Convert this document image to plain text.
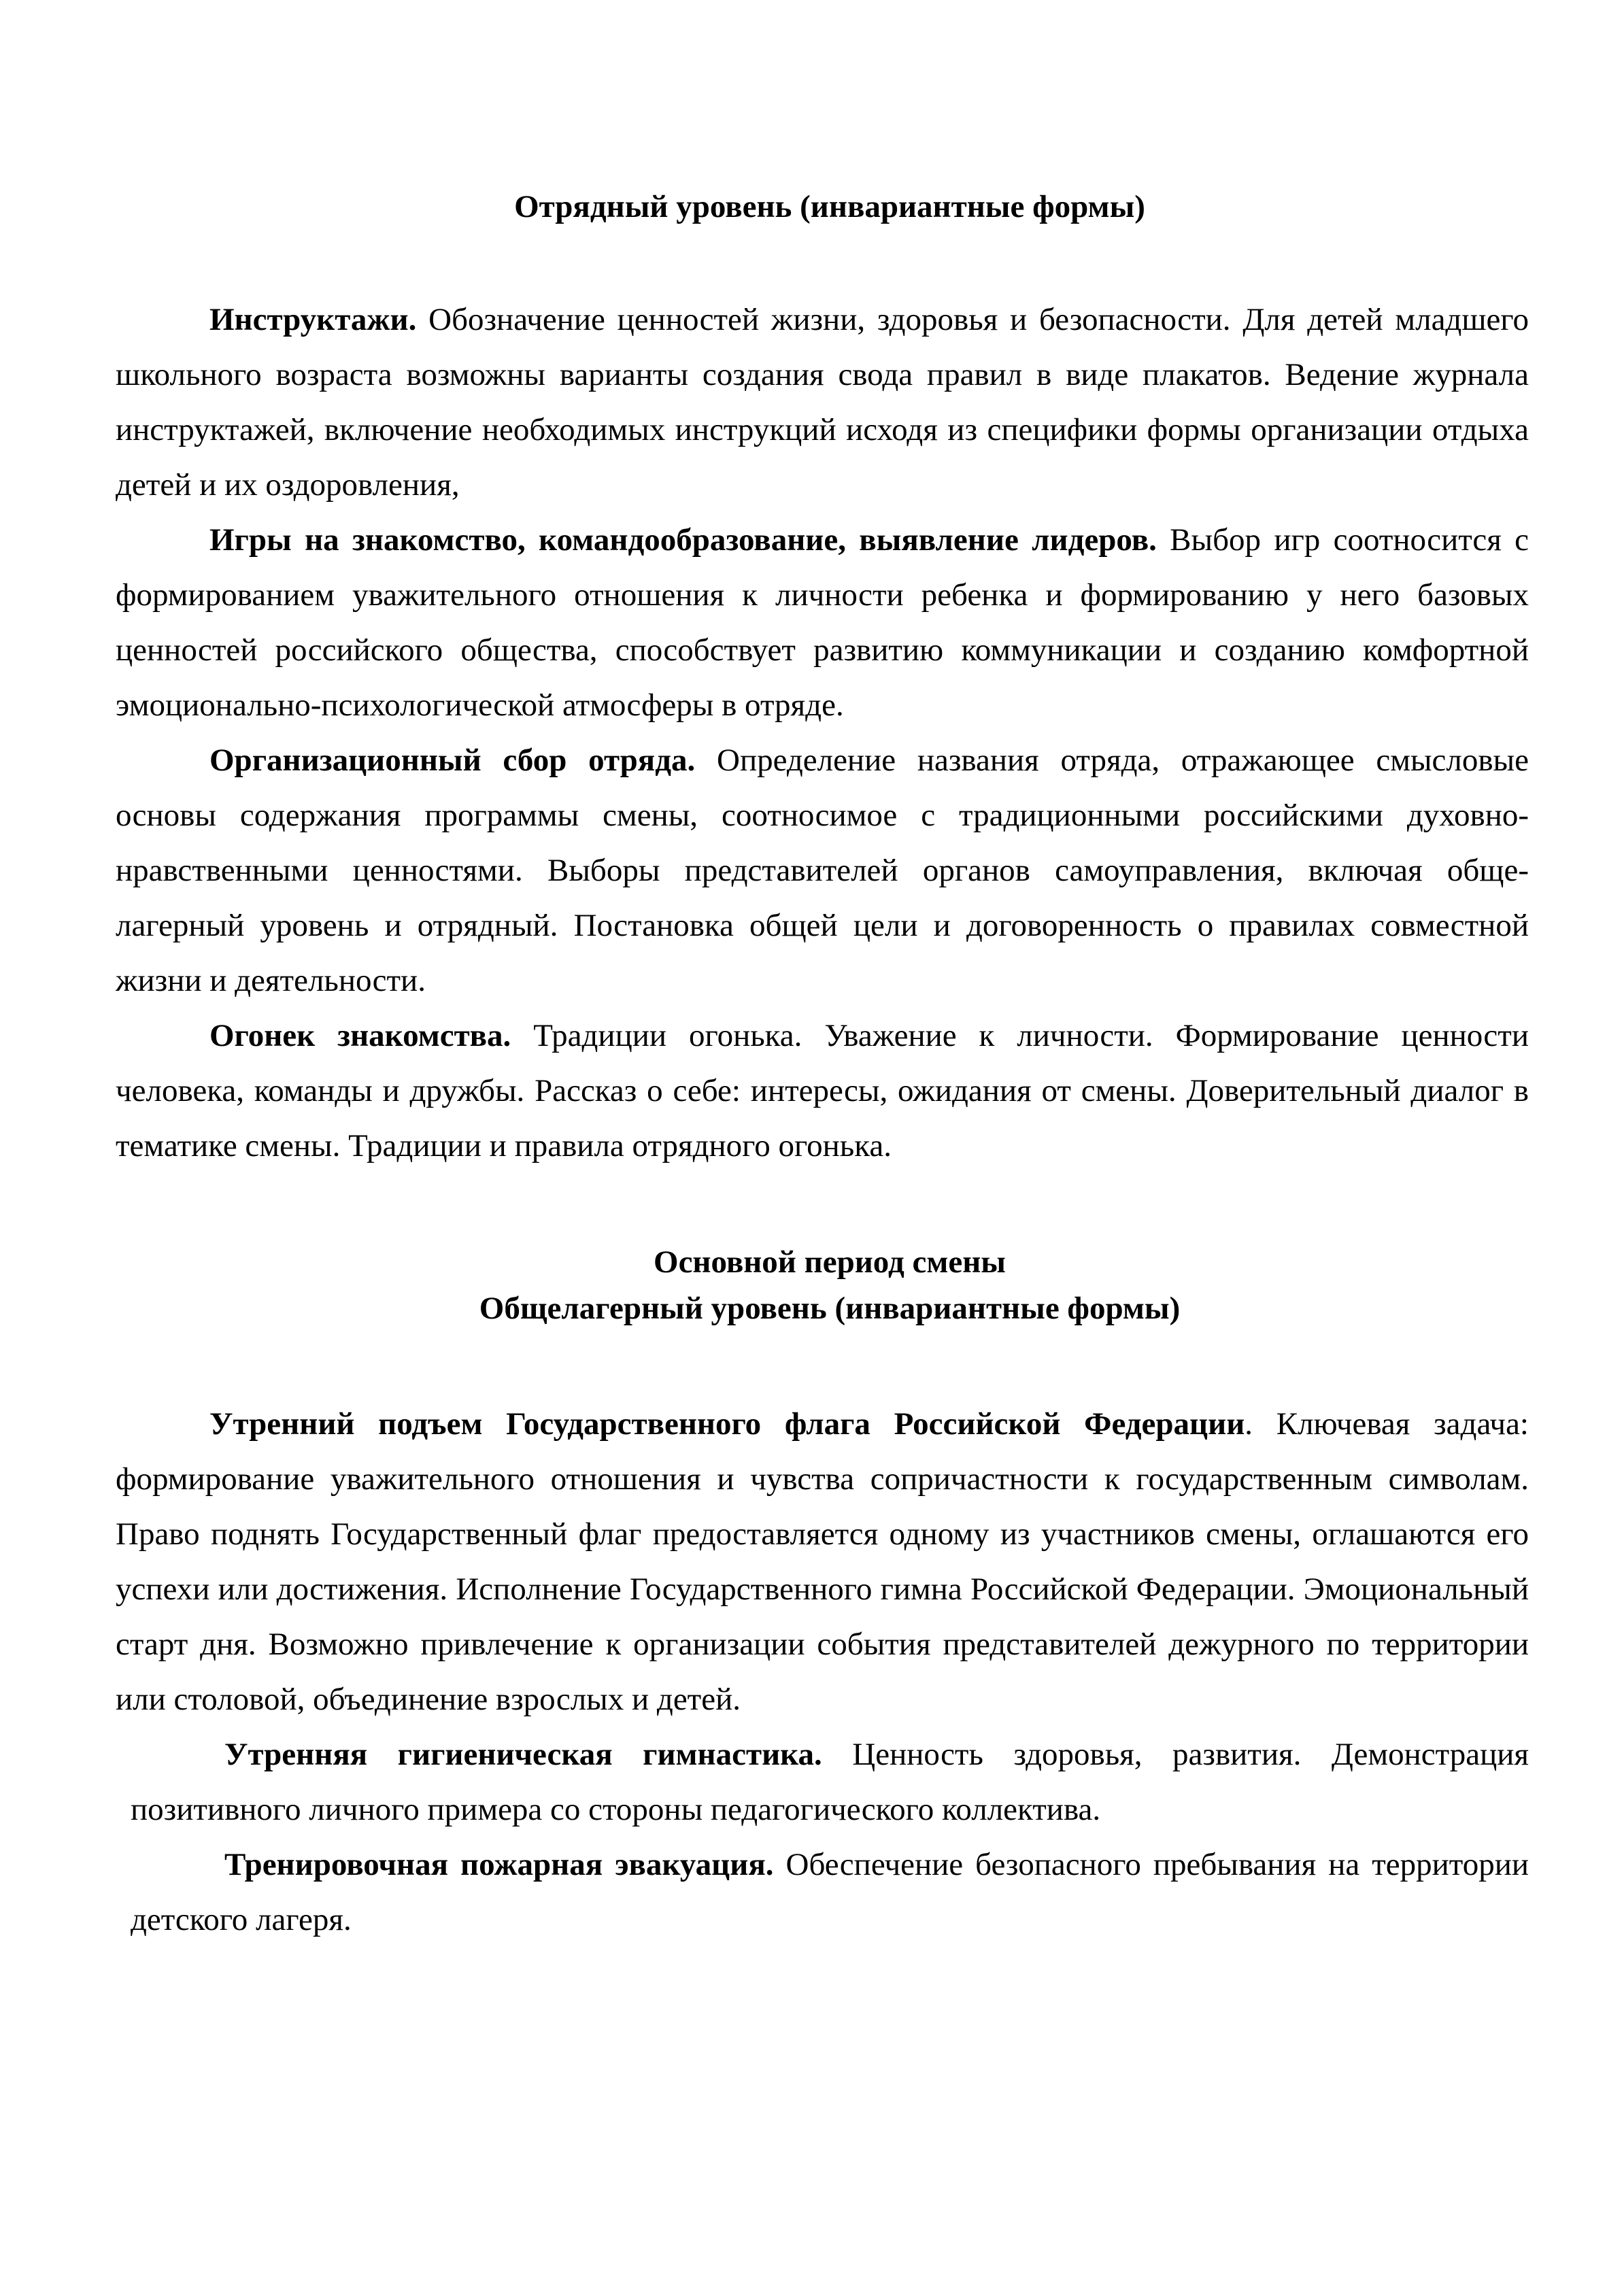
Отрядный уровень (инвариантные формы)

Инструктажи. Обозначение ценностей жизни, здоровья и безопасности. Для детей младшего школьного возраста возможны варианты создания свода правил в виде плакатов. Ведение журнала инструктажей, включение необходимых инструкций исходя из специфики формы организации отдыха детей и их оздоровления,

Игры на знакомство, командообразование, выявление лидеров. Выбор игр соотносится с формированием уважительного отношения к личности ребенка и формированию у него базовых ценностей российского общества, способствует развитию коммуникации и созданию комфортной эмоционально-психологической атмосферы в отряде.

Организационный сбор отряда. Определение названия отряда, отражающее смысловые основы содержания программы смены, соотносимое с традиционными российскими духовно-нравственными ценностями. Выборы представителей органов самоуправления, включая обще-лагерный уровень и отрядный. Постановка общей цели и договоренность о правилах совместной жизни и деятельности.

Огонек знакомства. Традиции огонька. Уважение к личности. Формирование ценности человека, команды и дружбы. Рассказ о себе: интересы, ожидания от смены. Доверительный диалог в тематике смены. Традиции и правила отрядного огонька.

Основной период смены
Общелагерный уровень (инвариантные формы)

Утренний подъем Государственного флага Российской Федерации. Ключевая задача: формирование уважительного отношения и чувства сопричастности к государственным символам. Право поднять Государственный флаг предоставляется одному из участников смены, оглашаются его успехи или достижения. Исполнение Государственного гимна Российской Федерации. Эмоциональный старт дня. Возможно привлечение к организации события представителей дежурного по территории или столовой, объединение взрослых и детей.

Утренняя гигиеническая гимнастика. Ценность здоровья, развития. Демонстрация позитивного личного примера со стороны педагогического коллектива.

Тренировочная пожарная эвакуация. Обеспечение безопасного пребывания на территории детского лагеря.
